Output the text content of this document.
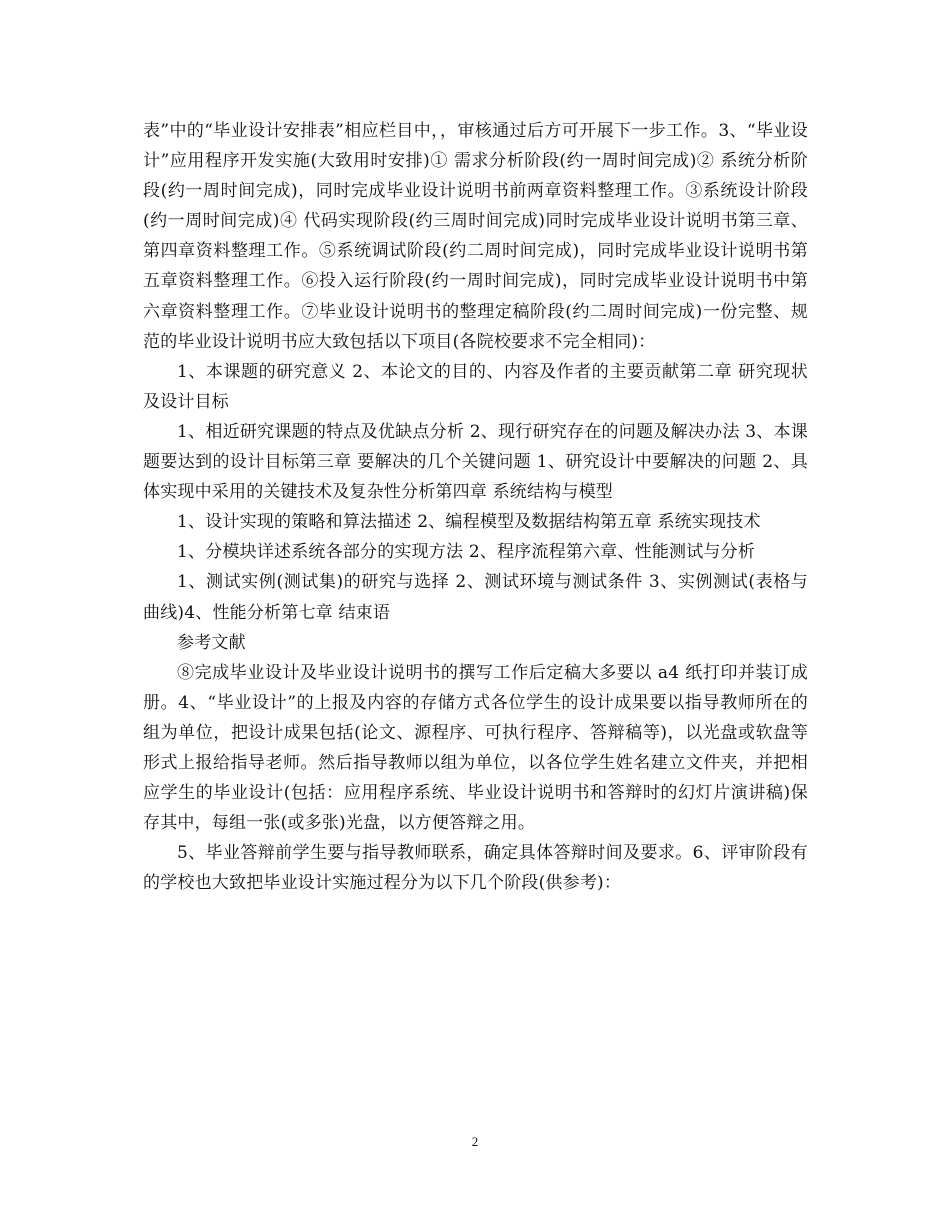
表”中的“毕业设计安排表”相应栏目中，，审核通过后方可开展下一步工作。3、“毕业设计”应用程序开发实施(大致用时安排)① 需求分析阶段(约一周时间完成)② 系统分析阶段(约一周时间完成)，同时完成毕业设计说明书前两章资料整理工作。③系统设计阶段(约一周时间完成)④ 代码实现阶段(约三周时间完成)同时完成毕业设计说明书第三章、第四章资料整理工作。⑤系统调试阶段(约二周时间完成)，同时完成毕业设计说明书第五章资料整理工作。⑥投入运行阶段(约一周时间完成)，同时完成毕业设计说明书中第六章资料整理工作。⑦毕业设计说明书的整理定稿阶段(约二周时间完成)一份完整、规范的毕业设计说明书应大致包括以下项目(各院校要求不完全相同)：

1、本课题的研究意义 2、本论文的目的、内容及作者的主要贡献第二章 研究现状及设计目标

1、相近研究课题的特点及优缺点分析 2、现行研究存在的问题及解决办法 3、本课题要达到的设计目标第三章 要解决的几个关键问题 1、研究设计中要解决的问题 2、具体实现中采用的关键技术及复杂性分析第四章 系统结构与模型

1、设计实现的策略和算法描述 2、编程模型及数据结构第五章 系统实现技术

1、分模块详述系统各部分的实现方法 2、程序流程第六章、性能测试与分析

1、测试实例(测试集)的研究与选择 2、测试环境与测试条件 3、实例测试(表格与曲线)4、性能分析第七章 结束语

参考文献

⑧完成毕业设计及毕业设计说明书的撰写工作后定稿大多要以 a4 纸打印并装订成册。4、“毕业设计”的上报及内容的存储方式各位学生的设计成果要以指导教师所在的组为单位，把设计成果包括(论文、源程序、可执行程序、答辩稿等)，以光盘或软盘等形式上报给指导老师。然后指导教师以组为单位，以各位学生姓名建立文件夹，并把相应学生的毕业设计(包括：应用程序系统、毕业设计说明书和答辩时的幻灯片演讲稿)保存其中，每组一张(或多张)光盘，以方便答辩之用。

5、毕业答辩前学生要与指导教师联系，确定具体答辩时间及要求。6、评审阶段有的学校也大致把毕业设计实施过程分为以下几个阶段(供参考)：

2
